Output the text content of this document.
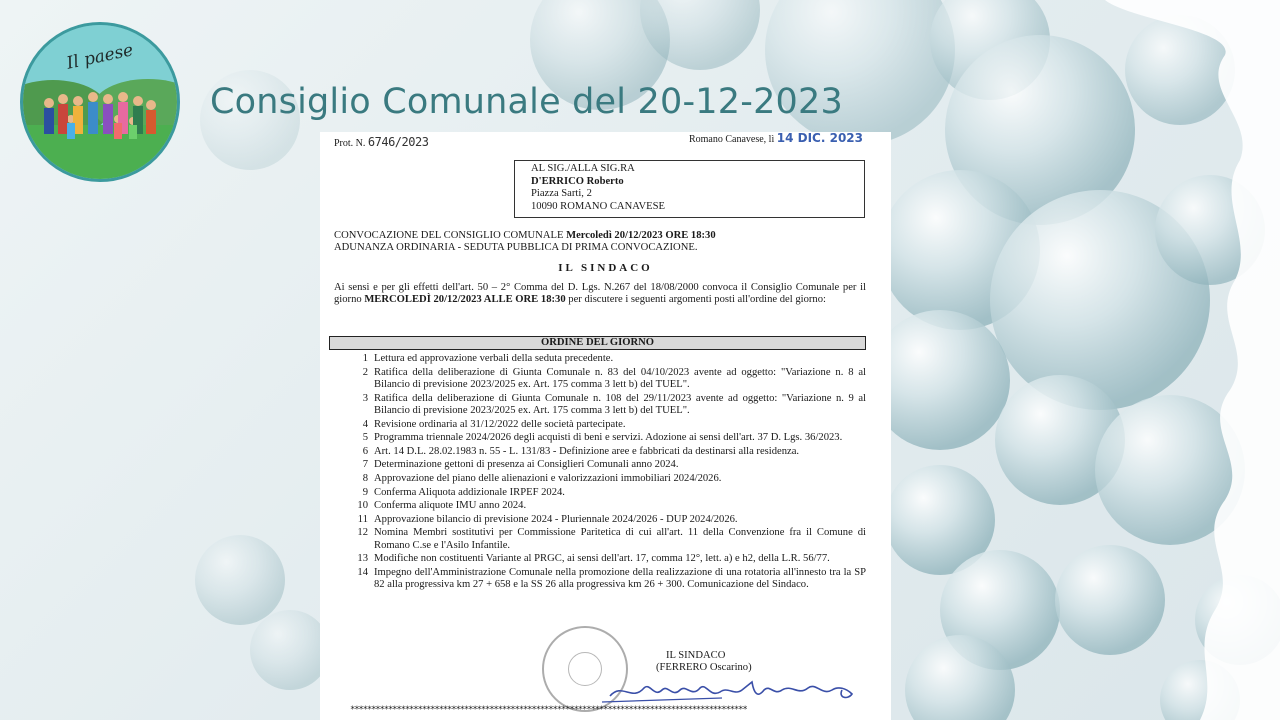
Il paese
Consiglio Comunale del 20-12-2023
Prot. N. 6746/2023	Romano Canavese, lì 14 DIC. 2023
AL SIG./ALLA SIG.RA
D'ERRICO Roberto
Piazza Sarti, 2
10090 ROMANO CANAVESE
CONVOCAZIONE DEL CONSIGLIO COMUNALE Mercoledì 20/12/2023 ORE 18:30
ADUNANZA ORDINARIA - SEDUTA PUBBLICA DI PRIMA CONVOCAZIONE.
IL SINDACO
Ai sensi e per gli effetti dell'art. 50 – 2° Comma del D. Lgs. N.267 del 18/08/2000 convoca il Consiglio Comunale per il giorno MERCOLEDÌ 20/12/2023 ALLE ORE 18:30 per discutere i seguenti argomenti posti all'ordine del giorno:
ORDINE DEL GIORNO
1 Lettura ed approvazione verbali della seduta precedente.
2 Ratifica della deliberazione di Giunta Comunale n. 83 del 04/10/2023 avente ad oggetto: "Variazione n. 8 al Bilancio di previsione 2023/2025 ex. Art. 175 comma 3 lett b) del TUEL".
3 Ratifica della deliberazione di Giunta Comunale n. 108 del 29/11/2023 avente ad oggetto: "Variazione n. 9 al Bilancio di previsione 2023/2025 ex. Art. 175 comma 3 lett b) del TUEL".
4 Revisione ordinaria al 31/12/2022 delle società partecipate.
5 Programma triennale 2024/2026 degli acquisti di beni e servizi. Adozione ai sensi dell'art. 37 D. Lgs. 36/2023.
6 Art. 14 D.L. 28.02.1983 n. 55 - L. 131/83 - Definizione aree e fabbricati da destinarsi alla residenza.
7 Determinazione gettoni di presenza ai Consiglieri Comunali anno 2024.
8 Approvazione del piano delle alienazioni e valorizzazioni immobiliari 2024/2026.
9 Conferma Aliquota addizionale IRPEF 2024.
10 Conferma aliquote IMU anno 2024.
11 Approvazione bilancio di previsione 2024 - Pluriennale 2024/2026 - DUP 2024/2026.
12 Nomina Membri sostitutivi per Commissione Paritetica di cui all'art. 11 della Convenzione fra il Comune di Romano C.se e l'Asilo Infantile.
13 Modifiche non costituenti Variante al PRGC, ai sensi dell'art. 17, comma 12°, lett. a) e h2, della L.R. 56/77.
14 Impegno dell'Amministrazione Comunale nella promozione della realizzazione di una rotatoria all'innesto tra la SP 82 alla progressiva km 27 + 658 e la SS 26 alla progressiva km 26 + 300. Comunicazione del Sindaco.
IL SINDACO
(FERRERO Oscarino)
**********************************************************************************************
